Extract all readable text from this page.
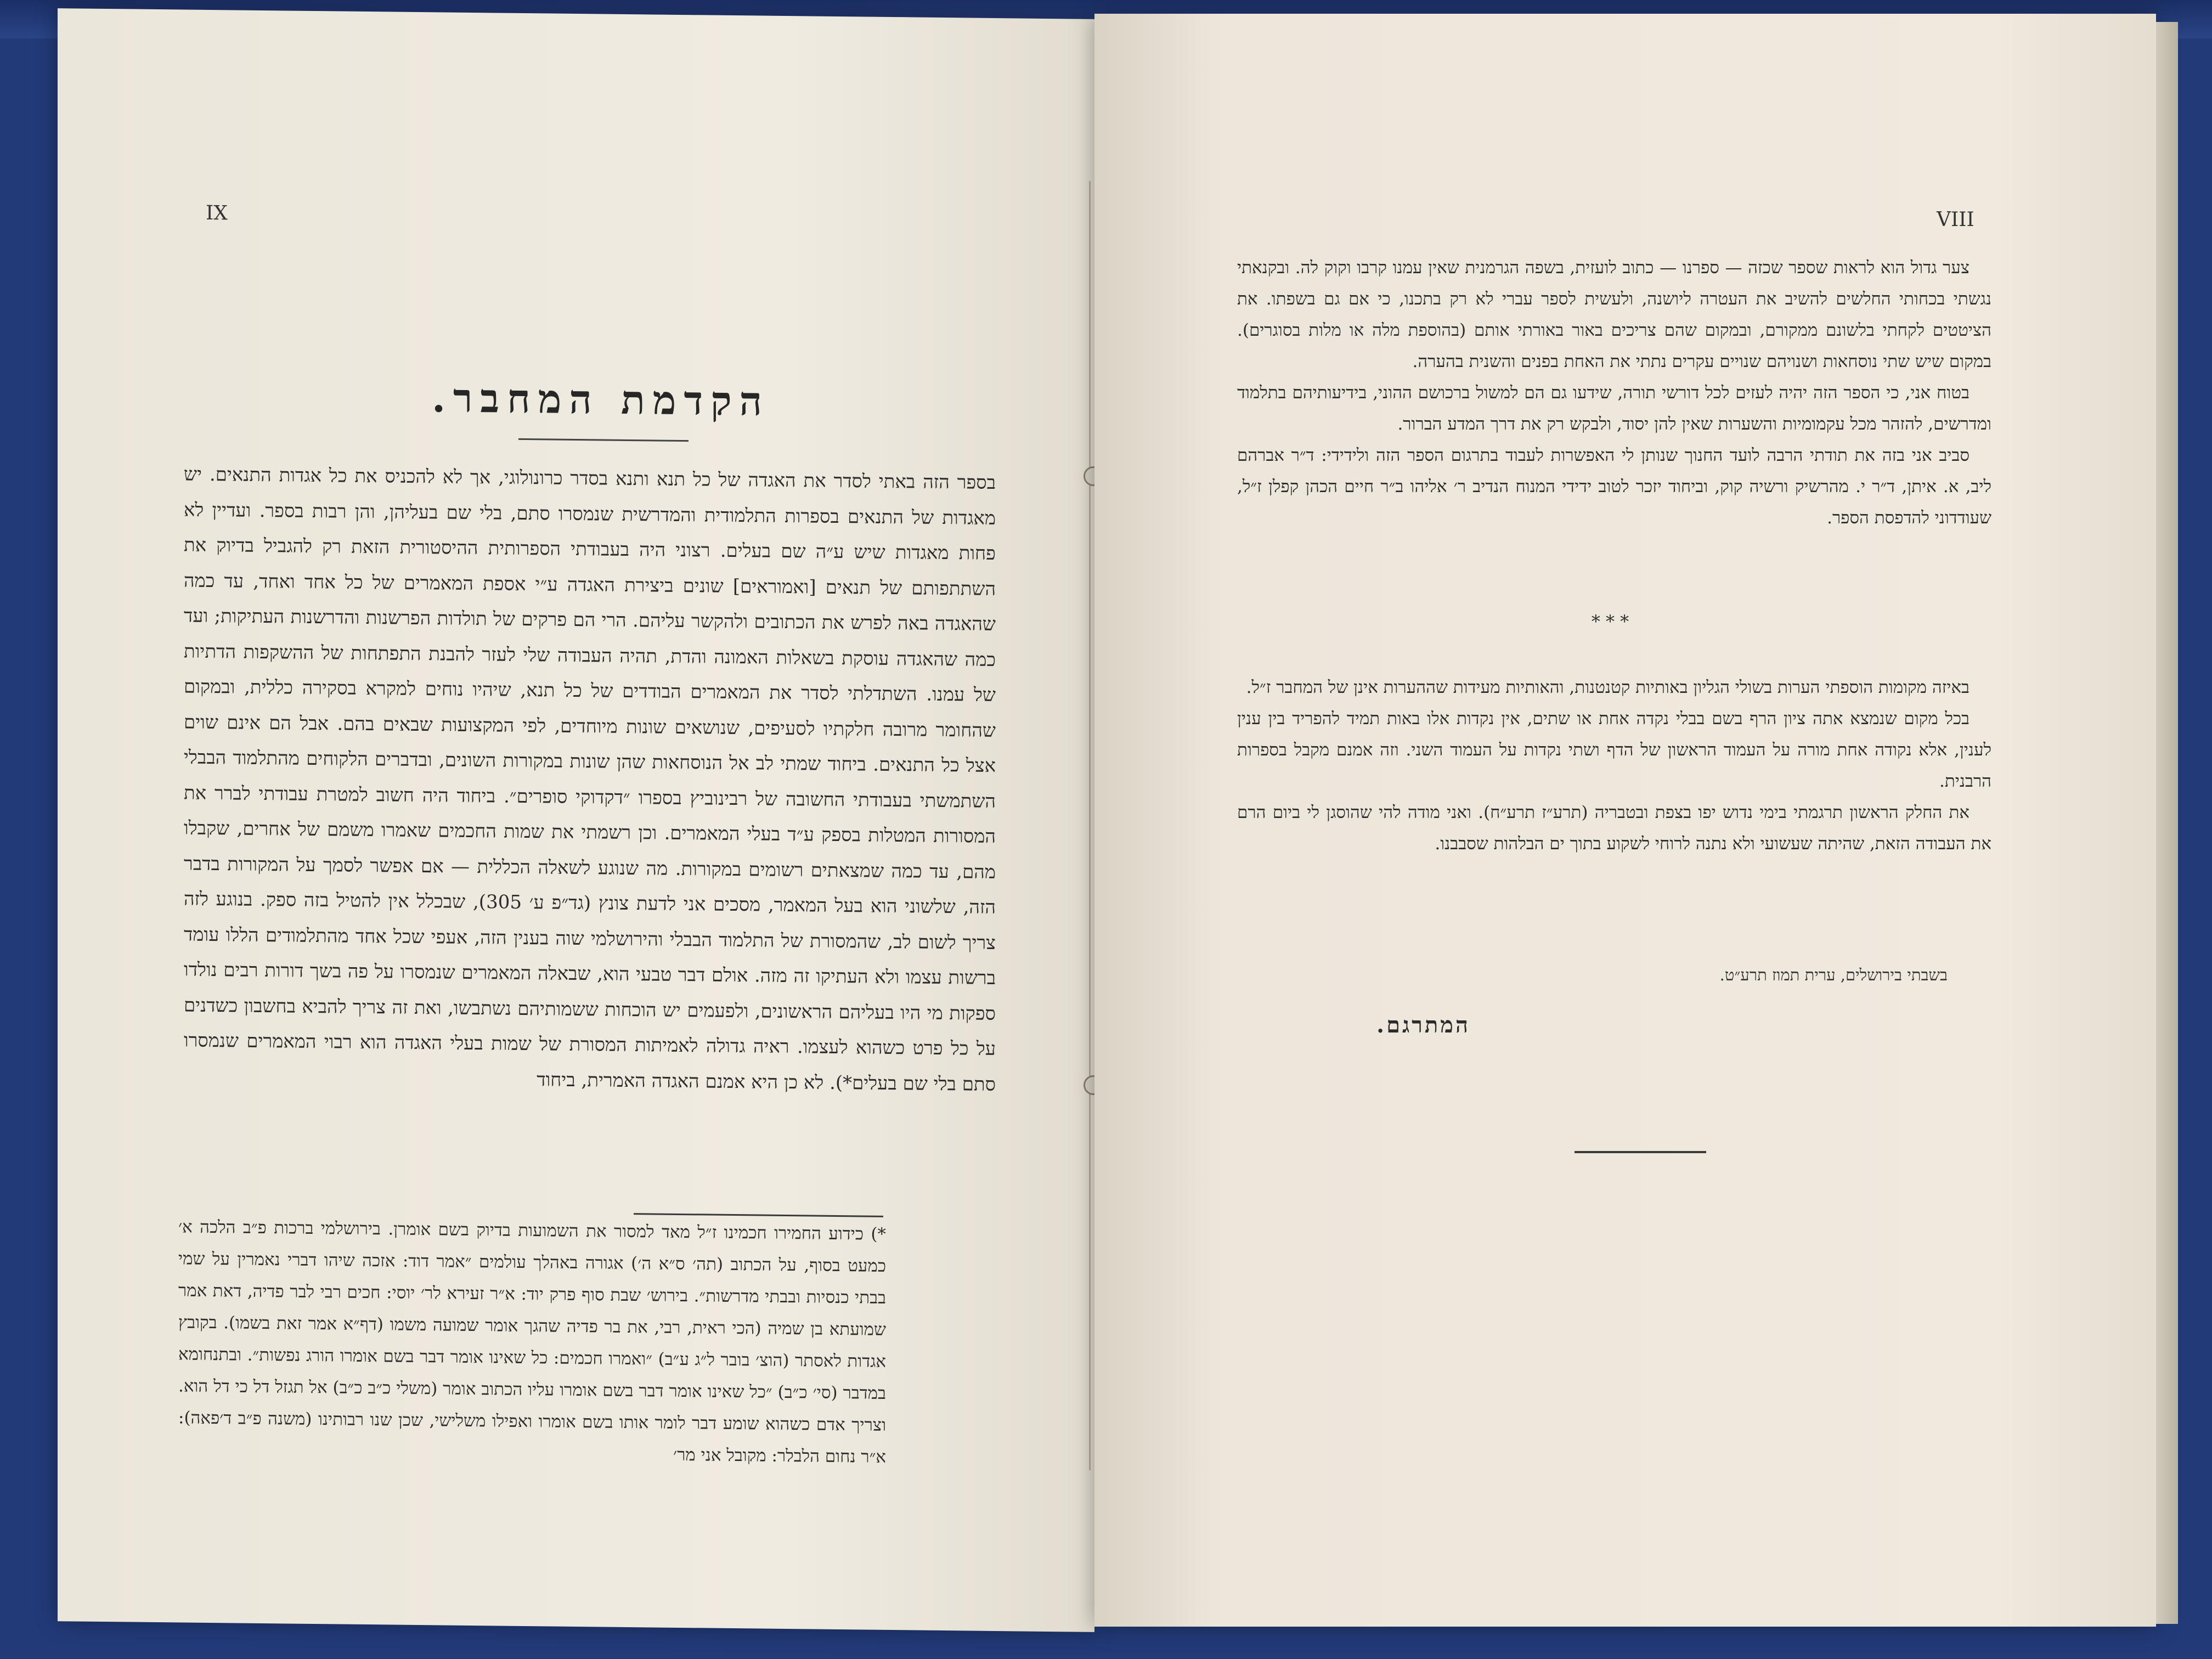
IX
הקדמת המחבר.
בספר הזה באתי לסדר את האגדה של כל תנא ותנא בסדר כרונולוגי, אך לא להכניס את כל אגדות התנאים. יש מאגדות של התנאים בספרות התלמודית והמדרשית שנמסרו סתם, בלי שם בעליהן, והן רבות בספר. ועדיין לא פחות מאגדות שיש ע״ה שם בעלים. רצוני היה בעבודתי הספרותית ההיסטורית הזאת רק להגביל בדיוק את השתתפותם של תנאים [ואמוראים] שונים ביצירת האגדה ע״י אספת המאמרים של כל אחד ואחד, עד כמה שהאגדה באה לפרש את הכתובים ולהקשר עליהם. הרי הם פרקים של תולדות הפרשנות והדרשנות העתיקות; ועד כמה שהאגדה עוסקת בשאלות האמונה והדת, תהיה העבודה שלי לעזר להבנת התפתחות של ההשקפות הדתיות של עמנו. השתדלתי לסדר את המאמרים הבודדים של כל תנא, שיהיו נוחים למקרא בסקירה כללית, ובמקום שהחומר מרובה חלקתיו לסעיפים, שנושאים שונות מיוחדים, לפי המקצועות שבאים בהם. אבל הם אינם שוים אצל כל התנאים. ביחוד שמתי לב אל הנוסחאות שהן שונות במקורות השונים, ובדברים הלקוחים מהתלמוד הבבלי השתמשתי בעבודתי החשובה של רבינוביץ בספרו ״דקדוקי סופרים״. ביחוד היה חשוב למטרת עבודתי לברר את המסורות המטלות בספק ע״ד בעלי המאמרים. וכן רשמתי את שמות החכמים שאמרו משמם של אחרים, שקבלו מהם, עד כמה שמצאתים רשומים במקורות. מה שנוגע לשאלה הכללית — אם אפשר לסמך על המקורות בדבר הזה, שלשוני הוא בעל המאמר, מסכים אני לדעת צונץ (גד״פ ע׳ 305), שבכלל אין להטיל בזה ספק. בנוגע לזה צריך לשום לב, שהמסורת של התלמוד הבבלי והירושלמי שוה בענין הזה, אעפי שכל אחד מהתלמודים הללו עומד ברשות עצמו ולא העתיקו זה מזה. אולם דבר טבעי הוא, שבאלה המאמרים שנמסרו על פה בשך דורות רבים נולדו ספקות מי היו בעליהם הראשונים, ולפעמים יש הוכחות ששמותיהם נשתבשו, ואת זה צריך להביא בחשבון כשדנים על כל פרט כשהוא לעצמו. ראיה גדולה לאמיתות המסורת של שמות בעלי האגדה הוא רבוי המאמרים שנמסרו סתם בלי שם בעלים*). לא כן היא אמנם האגדה האמרית, ביחוד
*) כידוע החמירו חכמינו ז״ל מאד למסור את השמועות בדיוק בשם אומרן. בירושלמי ברכות פ״ב הלכה א׳ כמעט בסוף, על הכתוב (תה׳ ס״א ה׳) אגורה באהלך עולמים ״אמר דוד: אזכה שיהו דברי נאמרין על שמי בבתי כנסיות ובבתי מדרשות״. בירוש׳ שבת סוף פרק יוד: א״ר זעירא לר׳ יוסי: חכים רבי לבר פדיה, דאת אמר שמועתא בן שמיה (הכי ראית, רבי, את בר פדיה שהגך אומר שמועה משמו (דף״א אמר זאת בשמו). בקובץ אגדות לאסתר (הוצ׳ בובר ל״ג ע״ב) ״ואמרו חכמים: כל שאינו אומר דבר בשם אומרו הורג נפשות״. ובתנחומא במדבר (סי׳ כ״ב) ״כל שאינו אומר דבר בשם אומרו עליו הכתוב אומר (משלי כ״ב כ״ב) אל תגזל דל כי דל הוא. וצריך אדם כשהוא שומע דבר לומר אותו בשם אומרו ואפילו משלישי, שכן שנו רבותינו (משנה פ״ב ד׳פאה): א״ר נחום הלבלר: מקובל אני מר׳
VIII

צער גדול הוא לראות שספר שכזה — ספרנו — כתוב לועזית, בשפה הגרמנית שאין עמנו קרבו וקוק לה. ובקנאתי נגשתי בכחותי החלשים להשיב את העטרה ליושנה, ולעשית לספר עברי לא רק בתכנו, כי אם גם בשפתו. את הציטטים לקחתי בלשונם ממקורם, ובמקום שהם צריכים באור באורתי אותם (בהוספת מלה או מלות בסוגרים). במקום שיש שתי נוסחאות ושנויהם שנויים עקרים נתתי את האחת בפנים והשנית בהערה.

בטוח אני, כי הספר הזה יהיה לעזים לכל דורשי תורה, שידעו גם הם למשול ברכושם ההוני, בידיעותיהם בתלמוד ומדרשים, להזהר מכל עקמומיות והשערות שאין להן יסוד, ולבקש רק את דרך המדע הברור.

סביב אני בזה את תודתי הרבה לועד החנוך שנותן לי האפשרות לעבוד בתרגום הספר הזה ולידידי: ד״ר אברהם ליב, א. איתן, ד״ר י. מהרשיק ורשיה קוק, וביחוד יזכר לטוב ידידי המנוח הנדיב ר׳ אליהו ב״ר חיים הכהן קפלן ז״ל, שעודדוני להדפסת הספר.

* * *

באיזה מקומות הוספתי הערות בשולי הגליון באותיות קטנטנות, והאותיות מעידות שההערות אינן של המחבר ז״ל.

בכל מקום שנמצא אתה ציון הרף בשם בבלי נקדה אחת או שתים, אין נקדות אלו באות תמיד להפריד בין ענין לענין, אלא נקודה אחת מורה על העמוד הראשון של הדף ושתי נקדות על העמוד השני. וזה אמנם מקבל בספרות הרבנית.

את החלק הראשון תרגמתי בימי נדוש יפו בצפת ובטבריה (תרע״ז תרע״ח). ואני מודה להי שהוסגן לי ביום הרם את העבודה הזאת, שהיתה שעשועי ולא נתנה לרוחי לשקוע בתוך ים הבלהות שסבבנו.

בשבתי בירושלים, ערית תמוז תרע״ט.
המתרגם.
